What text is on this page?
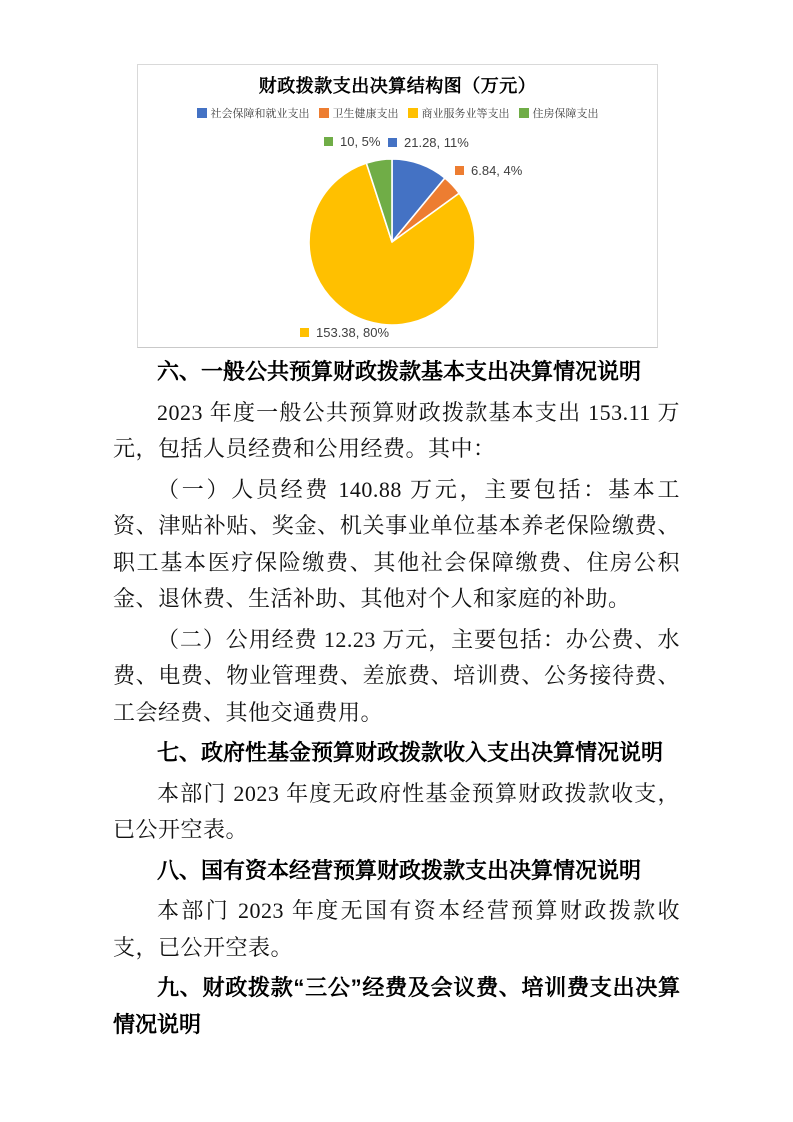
财政拨款支出决算结构图（万元）
社会保障和就业支出 卫生健康支出 商业服务业等支出 住房保障支出
21.28, 11%
6.84, 4%
153.38, 80%
10, 5%
六、一般公共预算财政拨款基本支出决算情况说明
2023 年度一般公共预算财政拨款基本支出 153.11 万元，包括人员经费和公用经费。其中：
（一）人员经费 140.88 万元，主要包括：基本工资、津贴补贴、奖金、机关事业单位基本养老保险缴费、职工基本医疗保险缴费、其他社会保障缴费、住房公积金、退休费、生活补助、其他对个人和家庭的补助。
（二）公用经费 12.23 万元，主要包括：办公费、水费、电费、物业管理费、差旅费、培训费、公务接待费、工会经费、其他交通费用。
七、政府性基金预算财政拨款收入支出决算情况说明
本部门 2023 年度无政府性基金预算财政拨款收支，已公开空表。
八、国有资本经营预算财政拨款支出决算情况说明
本部门 2023 年度无国有资本经营预算财政拨款收支，已公开空表。
九、财政拨款“三公”经费及会议费、培训费支出决算情况说明
